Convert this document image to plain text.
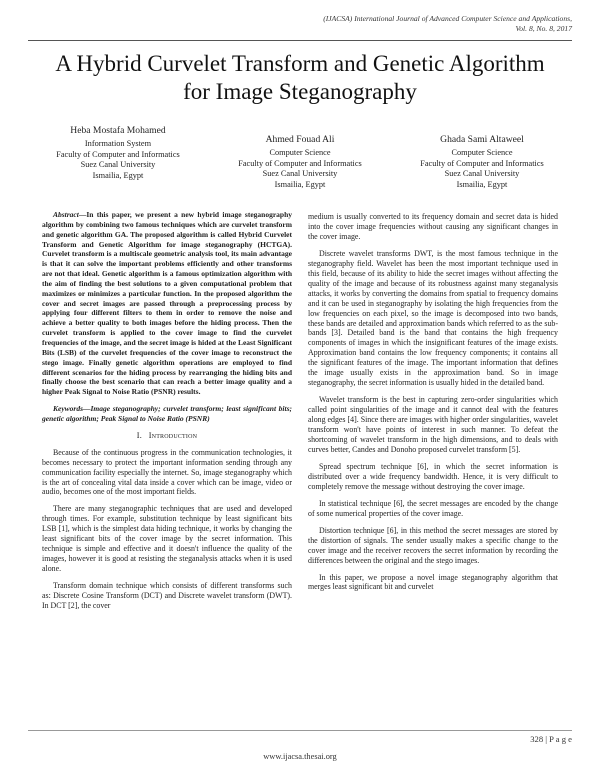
(IJACSA) International Journal of Advanced Computer Science and Applications,
Vol. 8, No. 8, 2017
A Hybrid Curvelet Transform and Genetic Algorithm
for Image Steganography
Heba Mostafa Mohamed
Information System
Faculty of Computer and Informatics
Suez Canal University
Ismailia, Egypt
Ahmed Fouad Ali
Computer Science
Faculty of Computer and Informatics
Suez Canal University
Ismailia, Egypt
Ghada Sami Altaweel
Computer Science
Faculty of Computer and Informatics
Suez Canal University
Ismailia, Egypt

Abstract—In this paper, we present a new hybrid image steganography algorithm by combining two famous techniques which are curvelet transform and genetic algorithm GA. The proposed algorithm is called Hybrid Curvelet Transform and Genetic Algorithm for image steganography (HCTGA). Curvelet transform is a multiscale geometric analysis tool, its main advantage is that it can solve the important problems efficiently and other transforms are not that ideal. Genetic algorithm is a famous optimization algorithm with the aim of finding the best solutions to a given computational problem that maximizes or minimizes a particular function. In the proposed algorithm the cover and secret images are passed through a preprocessing process by applying four different filters to them in order to remove the noise and achieve a better quality to both images before the hiding process. Then the curvelet transform is applied to the cover image to find the curvelet frequencies of the image, and the secret image is hided at the Least Significant Bits (LSB) of the curvelet frequencies of the cover image to reconstruct the stego image. Finally genetic algorithm operations are employed to find different scenarios for the hiding process by rearranging the hiding bits and finally choose the best scenario that can reach a better image quality and a higher Peak Signal to Noise Ratio (PSNR) results.

Keywords—Image steganography; curvelet transform; least significant bits; genetic algorithm; Peak Signal to Noise Ratio (PSNR)

I. Introduction

Because of the continuous progress in the communication technologies, it becomes necessary to protect the important information sending through any communication facility especially the internet. So, image steganography which is the art of concealing vital data inside a cover which can be image, video or audio, becomes one of the most important fields.

There are many steganographic techniques that are used and developed through times. For example, substitution technique by least significant bits LSB [1], which is the simplest data hiding technique, it works by changing the least significant bits of the cover image by the secret information. This technique is simple and effective and it doesn't influence the quality of the images, however it is good at resisting the steganalysis attacks when it is used alone.

Transform domain technique which consists of different transforms such as: Discrete Cosine Transform (DCT) and Discrete wavelet transform (DWT). In DCT [2], the cover

medium is usually converted to its frequency domain and secret data is hided into the cover image frequencies without causing any significant changes in the cover image.

Discrete wavelet transforms DWT, is the most famous technique in the steganography field. Wavelet has been the most important technique used in this field, because of its ability to hide the secret images without affecting the quality of the image and because of its robustness against many steganalysis attacks, it works by converting the domains from spatial to frequency domains and it can be used in steganography by isolating the high frequencies from the low frequencies on each pixel, so the image is decomposed into two bands, these bands are detailed and approximation bands which referred to as the sub-bands [3]. Detailed band is the band that contains the high frequency components of images in which the insignificant features of the image exists. Approximation band contains the low frequency components; it contains all the significant features of the image. The important information that defines the image usually exists in the approximation band. So in image steganography, the secret information is usually hided in the detailed band.

Wavelet transform is the best in capturing zero-order singularities which called point singularities of the image and it cannot deal with the features along edges [4]. Since there are images with higher order singularities, wavelet transform won't have points of interest in such manner. To defeat the shortcoming of wavelet transform in the high dimensions, and to deals with curves better, Candes and Donoho proposed curvelet transform [5].

Spread spectrum technique [6], in which the secret information is distributed over a wide frequency bandwidth. Hence, it is very difficult to completely remove the message without destroying the cover image.

In statistical technique [6], the secret messages are encoded by the change of some numerical properties of the cover image.

Distortion technique [6], in this method the secret messages are stored by the distortion of signals. The sender usually makes a specific change to the cover image and the receiver recovers the secret information by recording the differences between the original and the stego images.

In this paper, we propose a novel image steganography algorithm that merges least significant bit and curvelet

328 | P a g e
www.ijacsa.thesai.org
